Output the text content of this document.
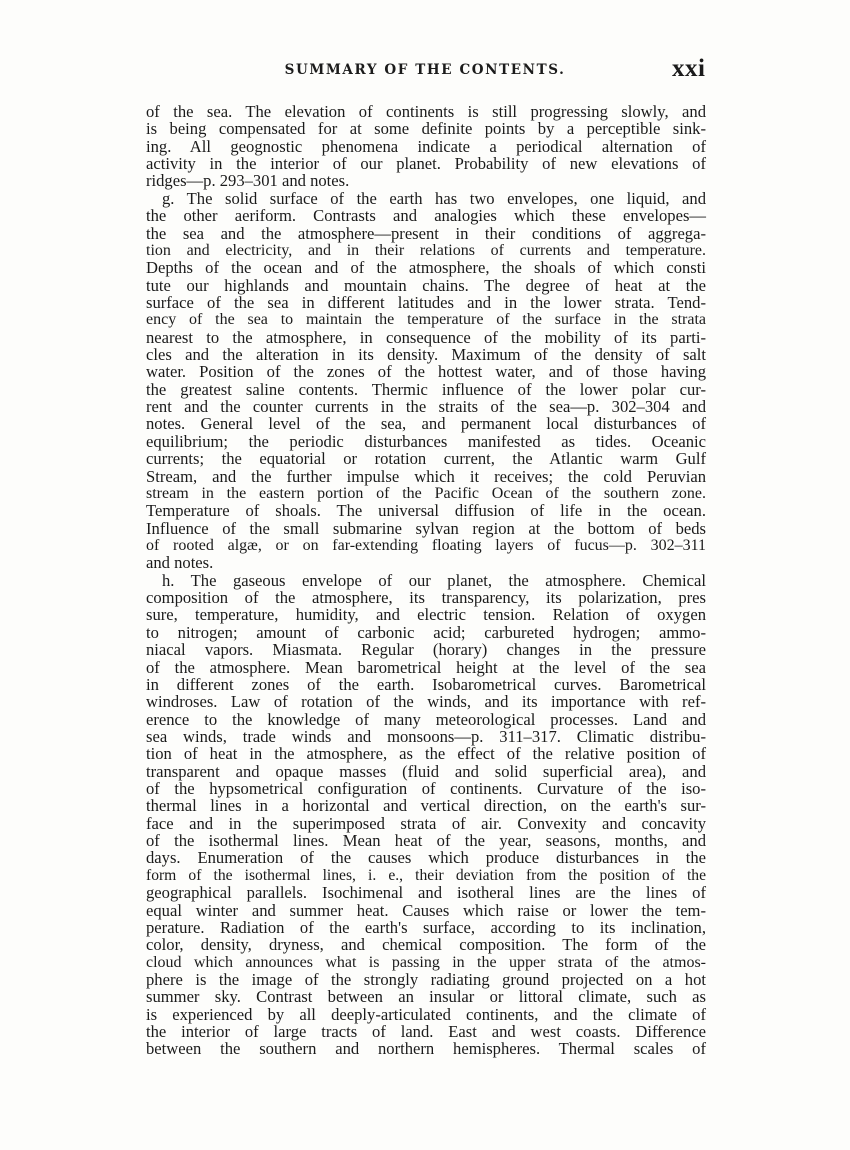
SUMMARY OF THE CONTENTS.	xxi
of the sea. The elevation of continents is still progressing slowly, and
is being compensated for at some definite points by a perceptible sink-
ing. All geognostic phenomena indicate a periodical alternation of
activity in the interior of our planet. Probability of new elevations of
ridges—p. 293–301 and notes.
g. The solid surface of the earth has two envelopes, one liquid, and
the other aeriform. Contrasts and analogies which these envelopes—
the sea and the atmosphere—present in their conditions of aggrega-
tion and electricity, and in their relations of currents and temperature.
Depths of the ocean and of the atmosphere, the shoals of which consti
tute our highlands and mountain chains. The degree of heat at the
surface of the sea in different latitudes and in the lower strata. Tend-
ency of the sea to maintain the temperature of the surface in the strata
nearest to the atmosphere, in consequence of the mobility of its parti-
cles and the alteration in its density. Maximum of the density of salt
water. Position of the zones of the hottest water, and of those having
the greatest saline contents. Thermic influence of the lower polar cur-
rent and the counter currents in the straits of the sea—p. 302–304 and
notes. General level of the sea, and permanent local disturbances of
equilibrium; the periodic disturbances manifested as tides. Oceanic
currents; the equatorial or rotation current, the Atlantic warm Gulf
Stream, and the further impulse which it receives; the cold Peruvian
stream in the eastern portion of the Pacific Ocean of the southern zone.
Temperature of shoals. The universal diffusion of life in the ocean.
Influence of the small submarine sylvan region at the bottom of beds
of rooted algæ, or on far-extending floating layers of fucus—p. 302–311
and notes.
h. The gaseous envelope of our planet, the atmosphere. Chemical
composition of the atmosphere, its transparency, its polarization, pres
sure, temperature, humidity, and electric tension. Relation of oxygen
to nitrogen; amount of carbonic acid; carbureted hydrogen; ammo-
niacal vapors. Miasmata. Regular (horary) changes in the pressure
of the atmosphere. Mean barometrical height at the level of the sea
in different zones of the earth. Isobarometrical curves. Barometrical
windroses. Law of rotation of the winds, and its importance with ref-
erence to the knowledge of many meteorological processes. Land and
sea winds, trade winds and monsoons—p. 311–317. Climatic distribu-
tion of heat in the atmosphere, as the effect of the relative position of
transparent and opaque masses (fluid and solid superficial area), and
of the hypsometrical configuration of continents. Curvature of the iso-
thermal lines in a horizontal and vertical direction, on the earth's sur-
face and in the superimposed strata of air. Convexity and concavity
of the isothermal lines. Mean heat of the year, seasons, months, and
days. Enumeration of the causes which produce disturbances in the
form of the isothermal lines, i. e., their deviation from the position of the
geographical parallels. Isochimenal and isotheral lines are the lines of
equal winter and summer heat. Causes which raise or lower the tem-
perature. Radiation of the earth's surface, according to its inclination,
color, density, dryness, and chemical composition. The form of the
cloud which announces what is passing in the upper strata of the atmos-
phere is the image of the strongly radiating ground projected on a hot
summer sky. Contrast between an insular or littoral climate, such as
is experienced by all deeply-articulated continents, and the climate of
the interior of large tracts of land. East and west coasts. Difference
between the southern and northern hemispheres. Thermal scales of
